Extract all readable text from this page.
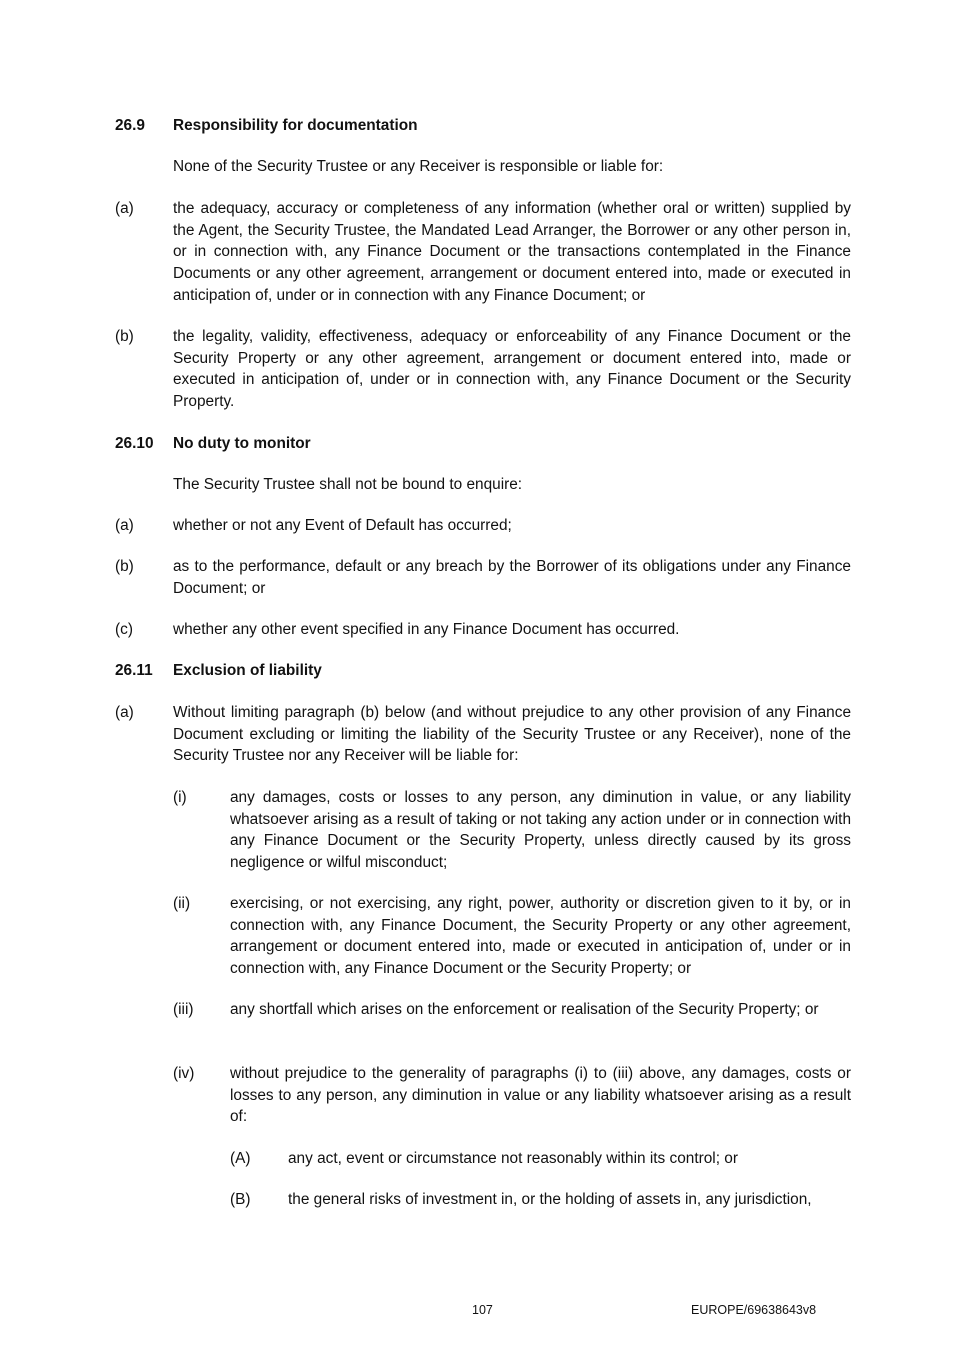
26.9 Responsibility for documentation

None of the Security Trustee or any Receiver is responsible or liable for:

(a)	the adequacy, accuracy or completeness of any information (whether oral or written) supplied by the Agent, the Security Trustee, the Mandated Lead Arranger, the Borrower or any other person in, or in connection with, any Finance Document or the transactions contemplated in the Finance Documents or any other agreement, arrangement or document entered into, made or executed in anticipation of, under or in connection with any Finance Document; or

(b)	the legality, validity, effectiveness, adequacy or enforceability of any Finance Document or the Security Property or any other agreement, arrangement or document entered into, made or executed in anticipation of, under or in connection with, any Finance Document or the Security Property.

26.10 No duty to monitor

The Security Trustee shall not be bound to enquire:

(a)	whether or not any Event of Default has occurred;

(b)	as to the performance, default or any breach by the Borrower of its obligations under any Finance Document; or

(c)	whether any other event specified in any Finance Document has occurred.

26.11 Exclusion of liability

(a)	Without limiting paragraph (b) below (and without prejudice to any other provision of any Finance Document excluding or limiting the liability of the Security Trustee or any Receiver), none of the Security Trustee nor any Receiver will be liable for:

(i)	any damages, costs or losses to any person, any diminution in value, or any liability whatsoever arising as a result of taking or not taking any action under or in connection with any Finance Document or the Security Property, unless directly caused by its gross negligence or wilful misconduct;

(ii)	exercising, or not exercising, any right, power, authority or discretion given to it by, or in connection with, any Finance Document, the Security Property or any other agreement, arrangement or document entered into, made or executed in anticipation of, under or in connection with, any Finance Document or the Security Property; or

(iii) any shortfall which arises on the enforcement or realisation of the Security Property; or

(iv) without prejudice to the generality of paragraphs (i) to (iii) above, any damages, costs or losses to any person, any diminution in value or any liability whatsoever arising as a result of:

(A) any act, event or circumstance not reasonably within its control; or

(B) the general risks of investment in, or the holding of assets in, any jurisdiction,

107	EUROPE/69638643v8
